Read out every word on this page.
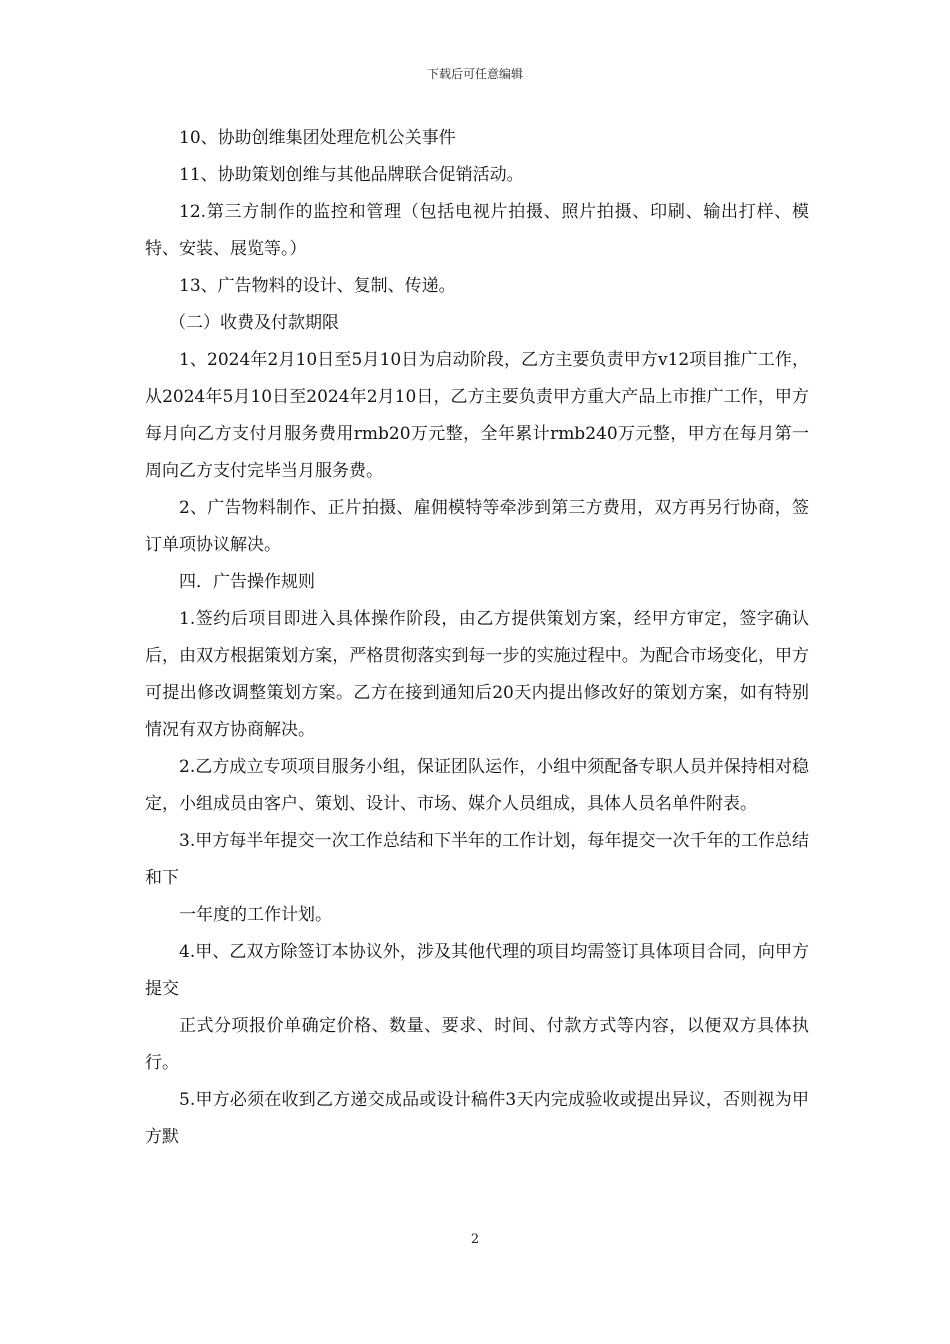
下载后可任意编辑

10、协助创维集团处理危机公关事件

11、协助策划创维与其他品牌联合促销活动。

12.第三方制作的监控和管理（包括电视片拍摄、照片拍摄、印刷、输出打样、模特、安装、展览等。）

13、广告物料的设计、复制、传递。

（二）收费及付款期限

1、2024年2月10日至5月10日为启动阶段，乙方主要负责甲方v12项目推广工作，从2024年5月10日至2024年2月10日，乙方主要负责甲方重大产品上市推广工作，甲方每月向乙方支付月服务费用rmb20万元整，全年累计rmb240万元整，甲方在每月第一周向乙方支付完毕当月服务费。

2、广告物料制作、正片拍摄、雇佣模特等牵涉到第三方费用，双方再另行协商，签订单项协议解决。

四．广告操作规则

1.签约后项目即进入具体操作阶段，由乙方提供策划方案，经甲方审定，签字确认后，由双方根据策划方案，严格贯彻落实到每一步的实施过程中。为配合市场变化，甲方可提出修改调整策划方案。乙方在接到通知后20天内提出修改好的策划方案，如有特别情况有双方协商解决。

2.乙方成立专项项目服务小组，保证团队运作，小组中须配备专职人员并保持相对稳定，小组成员由客户、策划、设计、市场、媒介人员组成，具体人员名单件附表。

3.甲方每半年提交一次工作总结和下半年的工作计划，每年提交一次千年的工作总结和下

一年度的工作计划。

4.甲、乙双方除签订本协议外，涉及其他代理的项目均需签订具体项目合同，向甲方提交

正式分项报价单确定价格、数量、要求、时间、付款方式等内容，以便双方具体执行。

5.甲方必须在收到乙方递交成品或设计稿件3天内完成验收或提出异议，否则视为甲方默

2
